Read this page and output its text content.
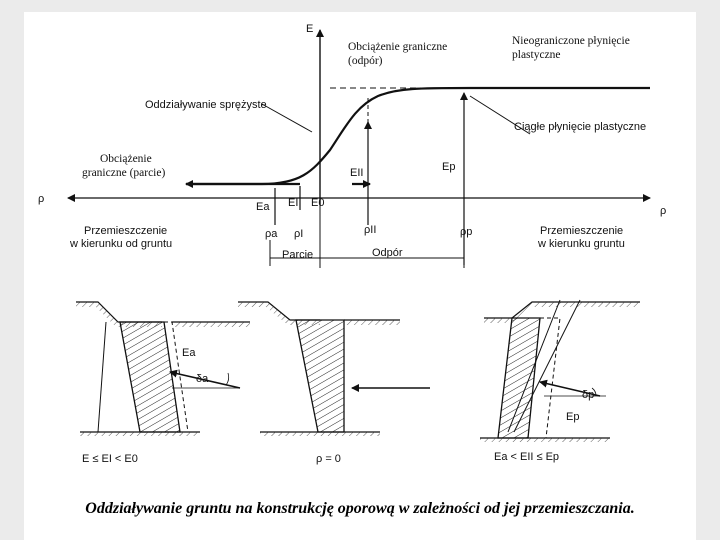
E
ρ
ρ
Obciążenie graniczne
(odpór)
Nieograniczone płynięcie
plastyczne
Oddziaływanie sprężyste
Ciągłe płynięcie plastyczne
Obciążenie
graniczne (parcie)	EII	Ep
Ea EI E0
ρa ρI	ρII	ρp
Przemieszczenie
w kierunku od gruntu
Przemieszczenie
w kierunku gruntu
Parcie	Odpór
Ea
δa
E ≤ EI < E0	ρ = 0
Ep
δp
Ea < EII ≤ Ep
Oddziaływanie gruntu na konstrukcję oporową w zależności od jej przemieszczania.
